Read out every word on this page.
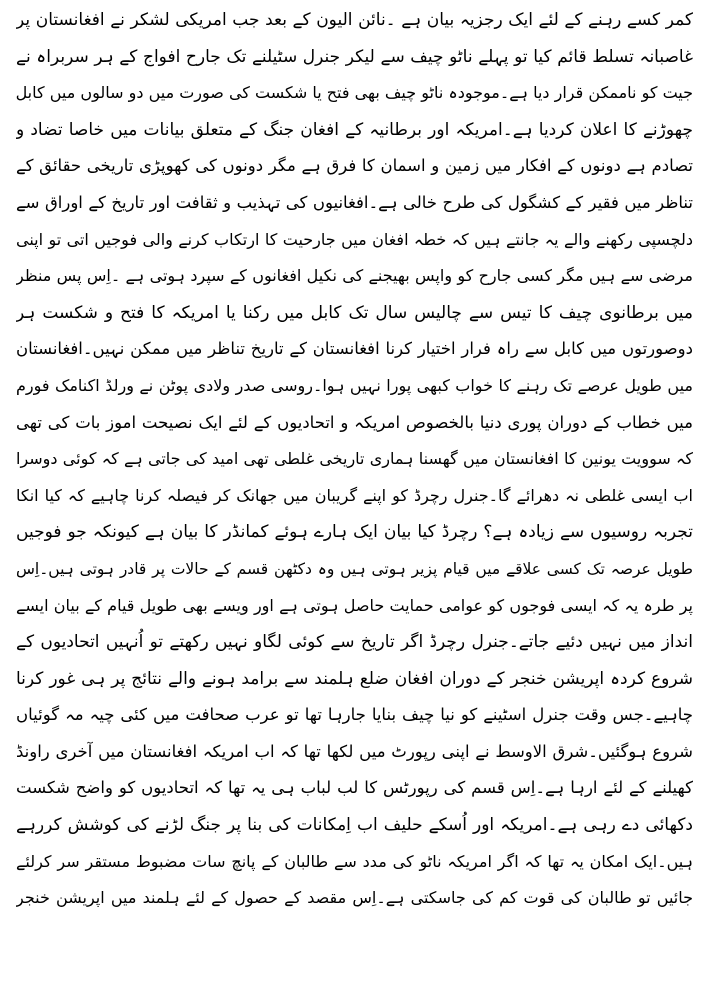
کمر کسے رہنے کے لئے ایک رجزیہ بیان ہے ۔نائن الیون کے بعد جب امریکی لشکر نے افغانستان پر
غاصبانہ تسلط قائم کیا تو پہلے ناٹو چیف سے لیکر جنرل سٹیلنے تک جارح افواج کے ہر سربراہ نے
جیت کو ناممکن قرار دیا ہے۔موجودہ ناٹو چیف بھی فتح یا شکست کی صورت میں دو سالوں میں کابل
چھوڑنے کا اعلان کردیا ہے۔امریکہ اور برطانیہ کے افغان جنگ کے متعلق بیانات میں خاصا تضاد و
تصادم ہے دونوں کے افکار میں زمین و اسمان کا فرق ہے مگر دونوں کی کھوپڑی تاریخی حقائق کے
تناظر میں فقیر کے کشگول کی طرح خالی ہے۔افغانیوں کی تہذیب و ثقافت اور تاریخ کے اوراق سے
دلچسپی رکھنے والے یہ جانتے ہیں کہ خطہ افغان میں جارحیت کا ارتکاب کرنے والی فوجیں اتی تو اپنی
مرضی سے ہیں مگر کسی جارح کو واپس بھیجنے کی نکیل افغانوں کے سپرد ہوتی ہے ۔اِس پس منظر
میں برطانوی چیف کا تیس سے چالیس سال تک کابل میں رکنا یا امریکہ کا فتح و شکست ہر
دوصورتوں میں کابل سے راہ فرار اختیار کرنا افغانستان کے تاریخ تناظر میں ممکن نہیں۔افغانستان
میں طویل عرصے تک رہنے کا خواب کبھی پورا نہیں ہوا۔روسی صدر ولادی پوٹن نے ورلڈ اکنامک فورم
میں خطاب کے دوران پوری دنیا بالخصوص امریکہ و اتحادیوں کے لئے ایک نصیحت اموز بات کی تھی
کہ سوویت یونین کا افغانستان میں گھسنا ہماری تاریخی غلطی تھی امید کی جاتی ہے کہ کوئی دوسرا
اب ایسی غلطی نہ دھرائے گا۔جنرل رچرڈ کو اپنے گریبان میں جھانک کر فیصلہ کرنا چاہیے کہ کیا انکا
تجربہ روسیوں سے زیادہ ہے؟ رچرڈ کیا بیان ایک ہارے ہوئے کمانڈر کا بیان ہے کیونکہ جو فوجیں
طویل عرصہ تک کسی علاقے میں قیام پزیر ہوتی ہیں وہ دکٹھن قسم کے حالات پر قادر ہوتی ہیں۔اِس
پر طرہ یہ کہ ایسی فوجوں کو عوامی حمایت حاصل ہوتی ہے اور ویسے بھی طویل قیام کے بیان ایسے
انداز میں نہیں دئیے جاتے۔جنرل رچرڈ اگر تاریخ سے کوئی لگاو نہیں رکھتے تو اُنہیں اتحادیوں کے
شروع کردہ اپریشن خنجر کے دوران افغان ضلع ہلمند سے برامد ہونے والے نتائج پر ہی غور کرنا
چاہیے۔جس وقت جنرل اسٹینے کو نیا چیف بنایا جارہا تھا تو عرب صحافت میں کئی چیہ مہ گوئیاں
شروع ہوگئیں۔شرق الاوسط نے اپنی رپورٹ میں لکھا تھا کہ اب امریکہ افغانستان میں آخری راونڈ
کھیلنے کے لئے ارہا ہے۔اِس قسم کی رپورٹس کا لب لباب ہی یہ تھا کہ اتحادیوں کو واضح شکست
دکھائی دے رہی ہے۔امریکہ اور اُسکے حلیف اب اِمکانات کی بنا پر جنگ لڑنے کی کوشش کررہے
ہیں۔ایک امکان یہ تھا کہ اگر امریکہ ناٹو کی مدد سے طالبان کے پانچ سات مضبوط مستقر سر کرلئے
جائیں تو طالبان کی قوت کم کی جاسکتی ہے۔اِس مقصد کے حصول کے لئے ہلمند میں اپریشن خنجر
